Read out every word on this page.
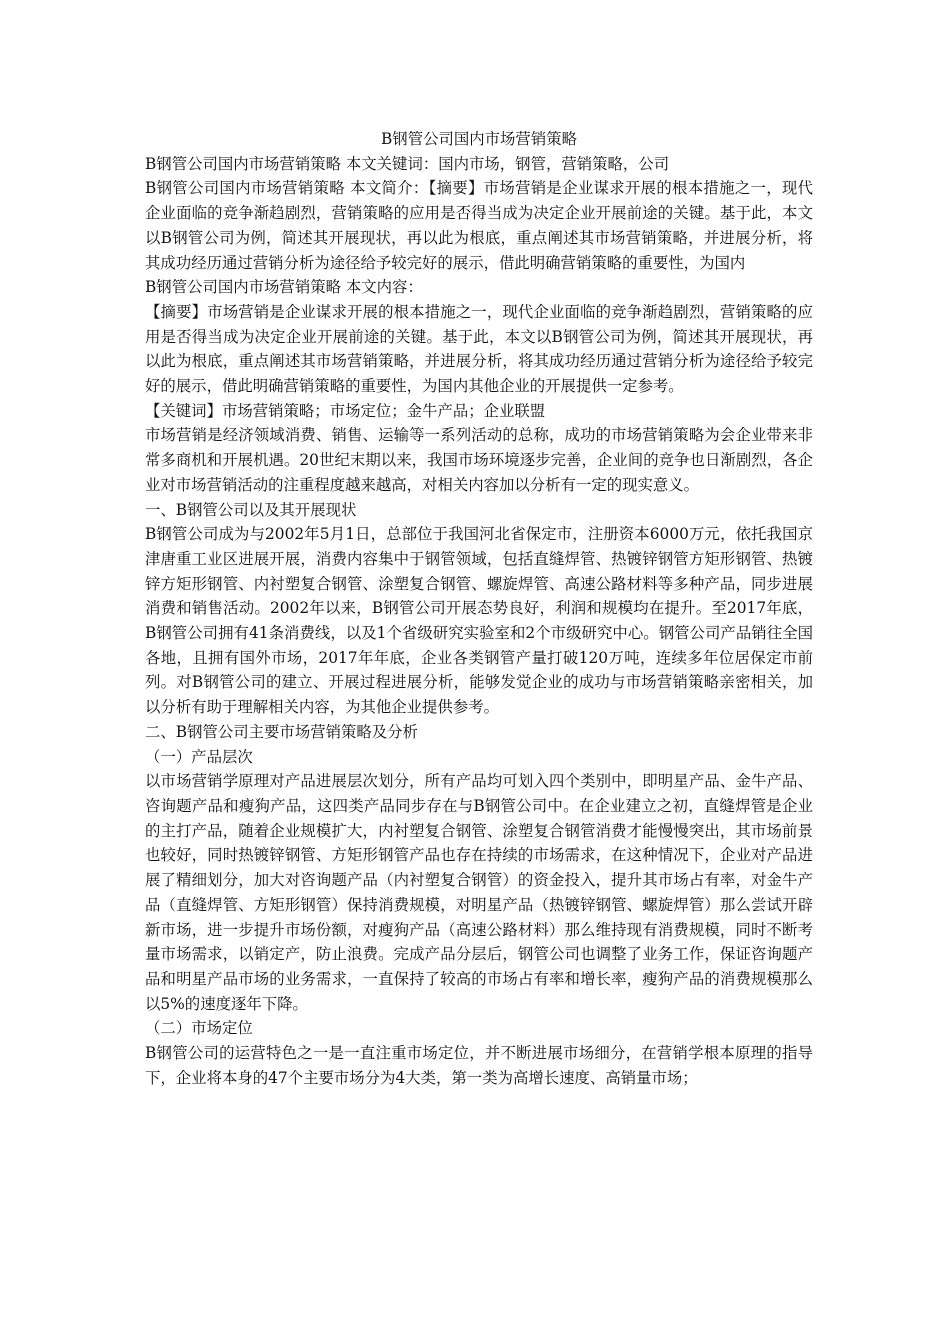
B钢管公司国内市场营销策略

B钢管公司国内市场营销策略 本文关键词：国内市场，钢管，营销策略，公司

B钢管公司国内市场营销策略 本文简介：【摘要】市场营销是企业谋求开展的根本措施之一，现代企业面临的竞争渐趋剧烈，营销策略的应用是否得当成为决定企业开展前途的关键。基于此，本文以B钢管公司为例，简述其开展现状，再以此为根底，重点阐述其市场营销策略，并进展分析，将其成功经历通过营销分析为途径给予较完好的展示，借此明确营销策略的重要性，为国内

B钢管公司国内市场营销策略 本文内容：

【摘要】市场营销是企业谋求开展的根本措施之一，现代企业面临的竞争渐趋剧烈，营销策略的应用是否得当成为决定企业开展前途的关键。基于此，本文以B钢管公司为例，简述其开展现状，再以此为根底，重点阐述其市场营销策略，并进展分析，将其成功经历通过营销分析为途径给予较完好的展示，借此明确营销策略的重要性，为国内其他企业的开展提供一定参考。

【关键词】市场营销策略；市场定位；金牛产品；企业联盟

市场营销是经济领域消费、销售、运输等一系列活动的总称，成功的市场营销策略为会企业带来非常多商机和开展机遇。20世纪末期以来，我国市场环境逐步完善，企业间的竞争也日渐剧烈，各企业对市场营销活动的注重程度越来越高，对相关内容加以分析有一定的现实意义。

一、B钢管公司以及其开展现状

B钢管公司成为与2002年5月1日，总部位于我国河北省保定市，注册资本6000万元，依托我国京津唐重工业区进展开展，消费内容集中于钢管领域，包括直缝焊管、热镀锌钢管方矩形钢管、热镀锌方矩形钢管、内衬塑复合钢管、涂塑复合钢管、螺旋焊管、高速公路材料等多种产品，同步进展消费和销售活动。2002年以来，B钢管公司开展态势良好，利润和规模均在提升。至2017年底，B钢管公司拥有41条消费线，以及1个省级研究实验室和2个市级研究中心。钢管公司产品销往全国各地，且拥有国外市场，2017年年底，企业各类钢管产量打破120万吨，连续多年位居保定市前列。对B钢管公司的建立、开展过程进展分析，能够发觉企业的成功与市场营销策略亲密相关，加以分析有助于理解相关内容，为其他企业提供参考。

二、B钢管公司主要市场营销策略及分析

（一）产品层次

以市场营销学原理对产品进展层次划分，所有产品均可划入四个类别中，即明星产品、金牛产品、咨询题产品和瘦狗产品，这四类产品同步存在与B钢管公司中。在企业建立之初，直缝焊管是企业的主打产品，随着企业规模扩大，内衬塑复合钢管、涂塑复合钢管消费才能慢慢突出，其市场前景也较好，同时热镀锌钢管、方矩形钢管产品也存在持续的市场需求，在这种情况下，企业对产品进展了精细划分，加大对咨询题产品（内衬塑复合钢管）的资金投入，提升其市场占有率，对金牛产品（直缝焊管、方矩形钢管）保持消费规模，对明星产品（热镀锌钢管、螺旋焊管）那么尝试开辟新市场，进一步提升市场份额，对瘦狗产品（高速公路材料）那么维持现有消费规模，同时不断考量市场需求，以销定产，防止浪费。完成产品分层后，钢管公司也调整了业务工作，保证咨询题产品和明星产品市场的业务需求，一直保持了较高的市场占有率和增长率，瘦狗产品的消费规模那么以5%的速度逐年下降。

（二）市场定位

B钢管公司的运营特色之一是一直注重市场定位，并不断进展市场细分，在营销学根本原理的指导下，企业将本身的47个主要市场分为4大类，第一类为高增长速度、高销量市场；
